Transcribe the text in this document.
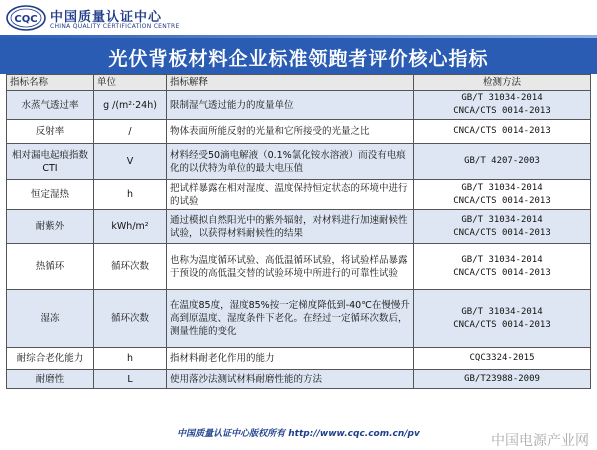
CQC 中国质量认证中心
CHINA QUALITY CERTIFICATION CENTRE
光伏背板材料企业标准领跑者评价核心指标
指标名称	单位	指标解释	检测方法
水蒸气透过率	g /(m²·24h)	限制湿气透过能力的度量单位	GB/T 31034-2014
CNCA/CTS 0014-2013

反射率	/	物体表面所能反射的光量和它所接受的光量之比	CNCA/CTS 0014-2013

相对漏电起痕指数CTI	V	材料经受50滴电解液（0.1%氯化铵水溶液）而没有电痕化的以伏特为单位的最大电压值	GB/T 4207-2003

恒定湿热	h	把试样暴露在相对湿度、温度保持恒定状态的环境中进行的试验	GB/T 31034-2014
CNCA/CTS 0014-2013

耐紫外	kWh/m²	通过模拟自然阳光中的紫外辐射，对材料进行加速耐候性试验，以获得材料耐候性的结果	GB/T 31034-2014
CNCA/CTS 0014-2013

热循环	循环次数	也称为温度循环试验、高低温循环试验，将试验样品暴露于预设的高低温交替的试验环境中所进行的可靠性试验	GB/T 31034-2014
CNCA/CTS 0014-2013

湿冻	循环次数	在温度85度，湿度85%按一定梯度降低到-40℃在慢慢升高到原温度、湿度条件下老化。在经过一定循环次数后，测量性能的变化	GB/T 31034-2014
CNCA/CTS 0014-2013

耐综合老化能力	h	指材料耐老化作用的能力	CQC3324-2015

耐磨性	L	使用落沙法测试材料耐磨性能的方法	GB/T23988-2009
中国质量认证中心版权所有 http://www.cqc.com.cn/pv	中国电源产业网
